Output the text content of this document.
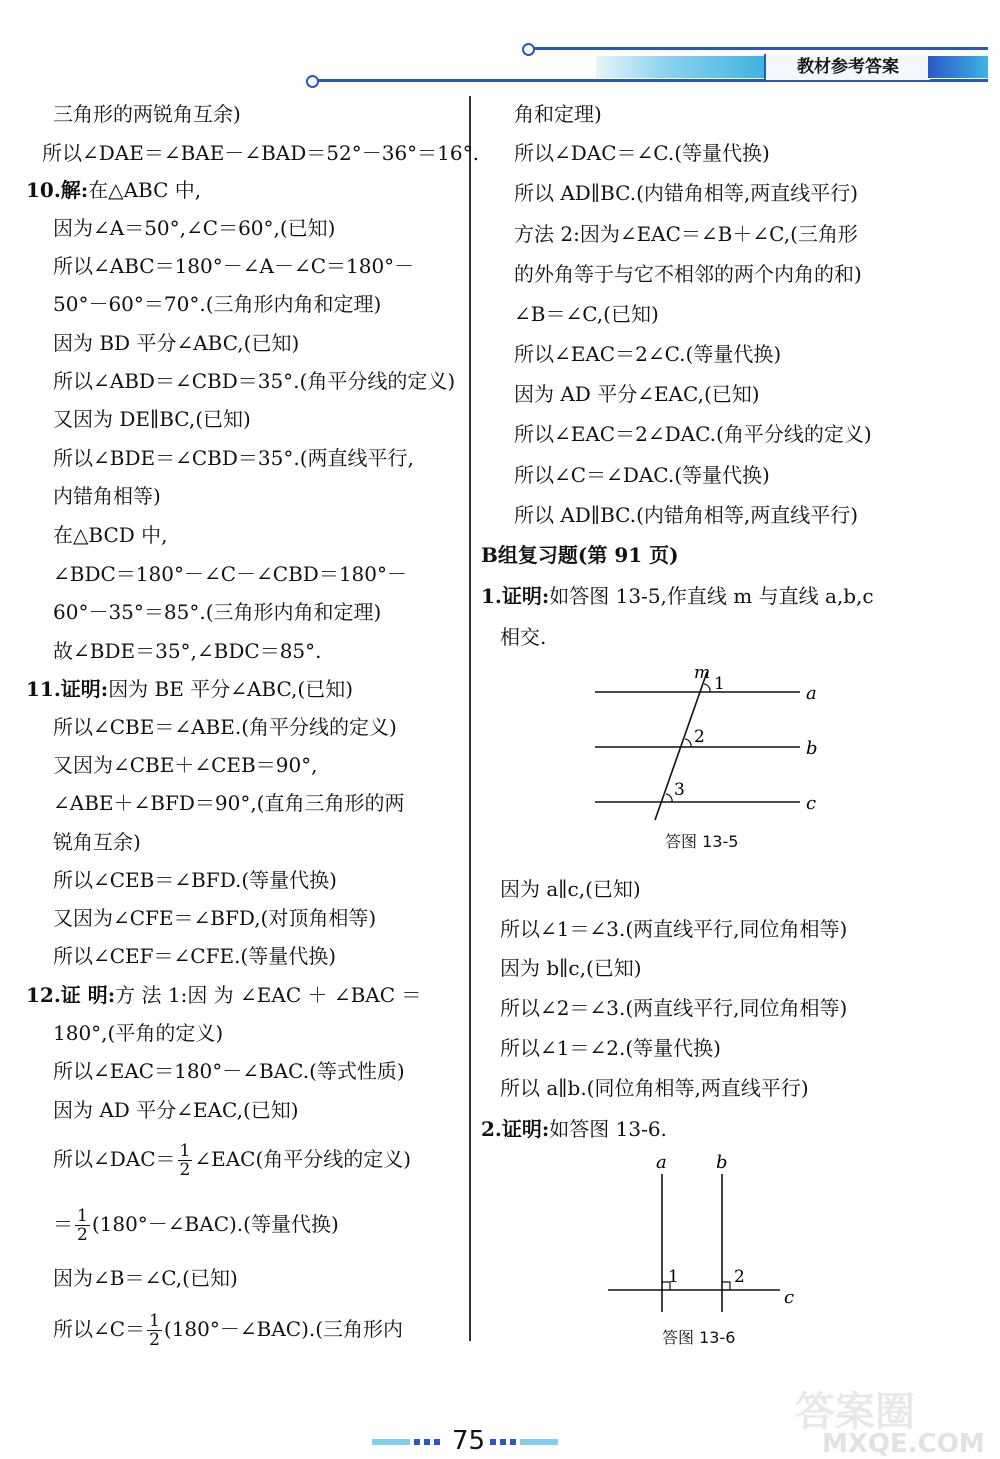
教材参考答案
三角形的两锐角互余)
所以∠DAE＝∠BAE－∠BAD＝52°－36°＝16°.
10.解:在△ABC 中,
因为∠A＝50°,∠C＝60°,(已知)
所以∠ABC＝180°－∠A－∠C＝180°－
50°－60°＝70°.(三角形内角和定理)
因为 BD 平分∠ABC,(已知)
所以∠ABD＝∠CBD＝35°.(角平分线的定义)
又因为 DE∥BC,(已知)
所以∠BDE＝∠CBD＝35°.(两直线平行,
内错角相等)
在△BCD 中,
∠BDC＝180°－∠C－∠CBD＝180°－
60°－35°＝85°.(三角形内角和定理)
故∠BDE＝35°,∠BDC＝85°.
11.证明:因为 BE 平分∠ABC,(已知)
所以∠CBE＝∠ABE.(角平分线的定义)
又因为∠CBE＋∠CEB＝90°,
∠ABE＋∠BFD＝90°,(直角三角形的两
锐角互余)
所以∠CEB＝∠BFD.(等量代换)
又因为∠CFE＝∠BFD,(对顶角相等)
所以∠CEF＝∠CFE.(等量代换)
12.证 明:方 法 1:因 为 ∠EAC ＋ ∠BAC ＝
180°,(平角的定义)
所以∠EAC＝180°－∠BAC.(等式性质)
因为 AD 平分∠EAC,(已知)
所以∠DAC＝ $\frac{1}{2}$ ∠EAC(角平分线的定义)
＝ $\frac{1}{2}$ (180°－∠BAC).(等量代换)
因为∠B＝∠C,(已知)
所以∠C＝ $\frac{1}{2}$ (180°－∠BAC).(三角形内
角和定理)
所以∠DAC＝∠C.(等量代换)
所以 AD∥BC.(内错角相等,两直线平行)
方法 2:因为∠EAC＝∠B＋∠C,(三角形
的外角等于与它不相邻的两个内角的和)
∠B＝∠C,(已知)
所以∠EAC＝2∠C.(等量代换)
因为 AD 平分∠EAC,(已知)
所以∠EAC＝2∠DAC.(角平分线的定义)
所以∠C＝∠DAC.(等量代换)
所以 AD∥BC.(内错角相等,两直线平行)
B组复习题(第 91 页)
1.证明:如答图 13-5,作直线 m 与直线 a,b,c
相交.
m
1
2
3
a
b
c
答图 13-5
因为 a∥c,(已知)
所以∠1＝∠3.(两直线平行,同位角相等)
因为 b∥c,(已知)
所以∠2＝∠3.(两直线平行,同位角相等)
所以∠1＝∠2.(等量代换)
所以 a∥b.(同位角相等,两直线平行)
2.证明:如答图 13-6.
a	b
1	2
c
答图 13-6
75
答案圈
MXQE.COM
